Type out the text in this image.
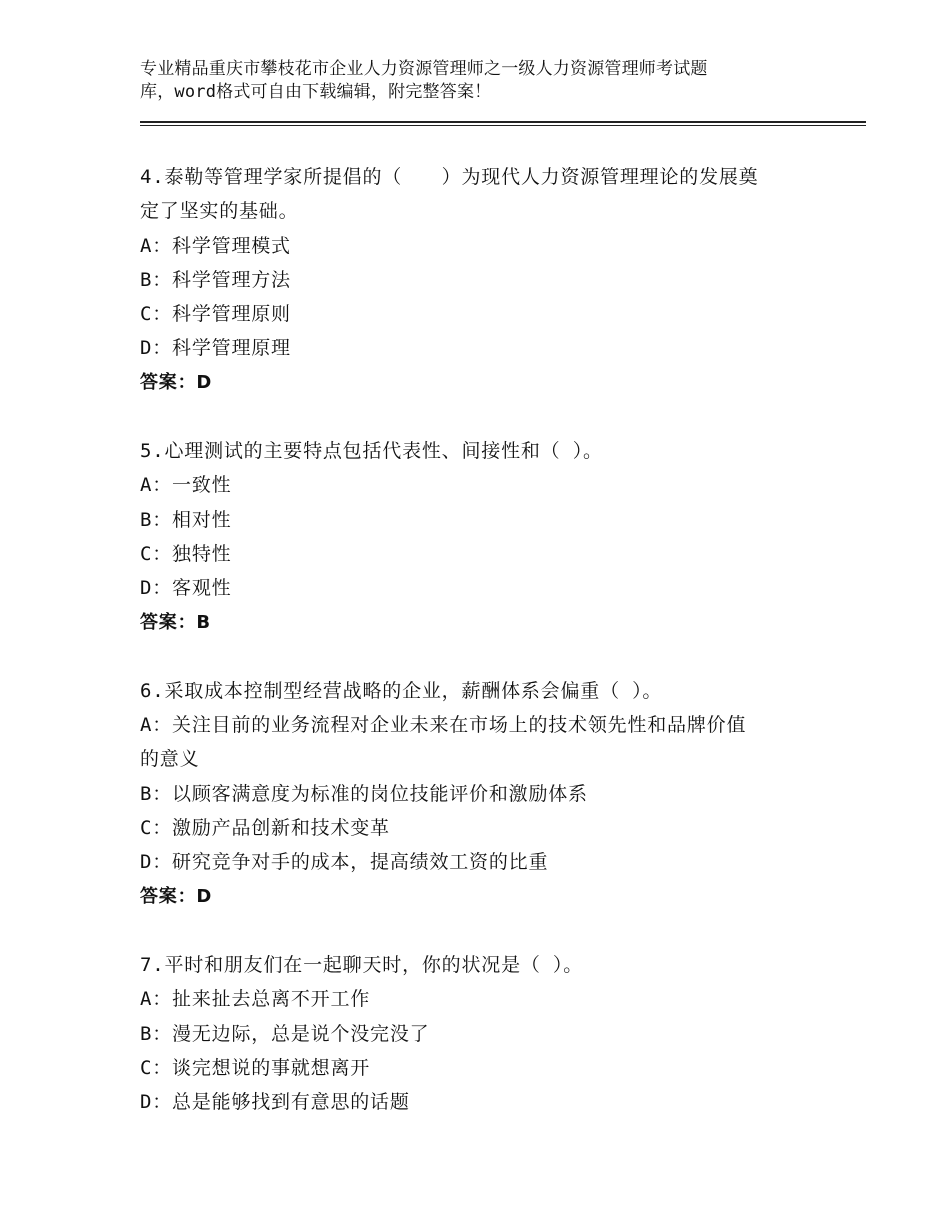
专业精品重庆市攀枝花市企业人力资源管理师之一级人力资源管理师考试题
库，word格式可自由下载编辑，附完整答案！
4.泰勒等管理学家所提倡的（　　）为现代人力资源管理理论的发展奠
定了坚实的基础。
A：科学管理模式
B：科学管理方法
C：科学管理原则
D：科学管理原理
答案：D
5.心理测试的主要特点包括代表性、间接性和（ ）。
A：一致性
B：相对性
C：独特性
D：客观性
答案：B
6.采取成本控制型经营战略的企业，薪酬体系会偏重（ ）。
A：关注目前的业务流程对企业未来在市场上的技术领先性和品牌价值
的意义
B：以顾客满意度为标准的岗位技能评价和激励体系
C：激励产品创新和技术变革
D：研究竞争对手的成本，提高绩效工资的比重
答案：D
7.平时和朋友们在一起聊天时，你的状况是（ ）。
A：扯来扯去总离不开工作
B：漫无边际，总是说个没完没了
C：谈完想说的事就想离开
D：总是能够找到有意思的话题
